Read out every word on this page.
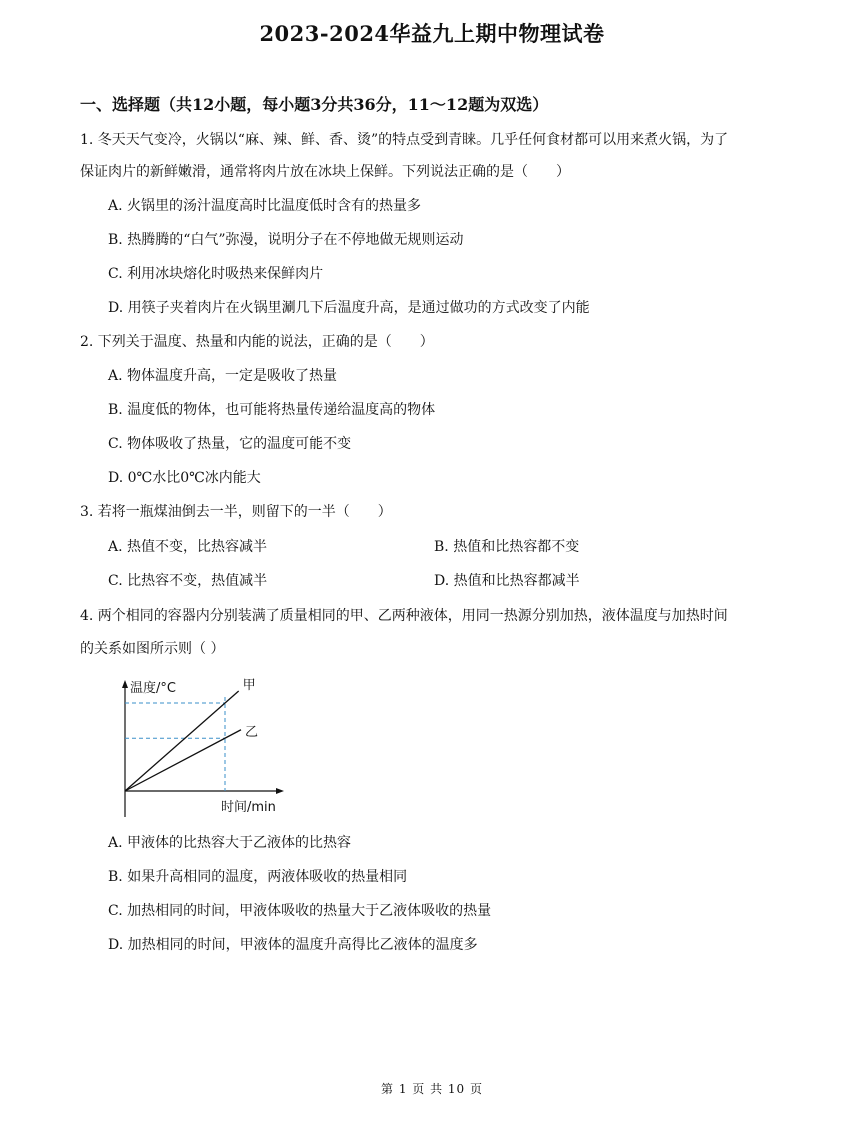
2023-2024华益九上期中物理试卷
一、选择题（共12小题，每小题3分共36分，11～12题为双选）
1. 冬天天气变冷，火锅以“麻、辣、鲜、香、烫”的特点受到青睐。几乎任何食材都可以用来煮火锅，为了
保证肉片的新鲜嫩滑，通常将肉片放在冰块上保鲜。下列说法正确的是（　　）
A. 火锅里的汤汁温度高时比温度低时含有的热量多
B. 热腾腾的“白气”弥漫，说明分子在不停地做无规则运动
C. 利用冰块熔化时吸热来保鲜肉片
D. 用筷子夹着肉片在火锅里涮几下后温度升高，是通过做功的方式改变了内能
2. 下列关于温度、热量和内能的说法，正确的是（　　）
A. 物体温度升高，一定是吸收了热量
B. 温度低的物体，也可能将热量传递给温度高的物体
C. 物体吸收了热量，它的温度可能不变
D. 0℃水比0℃冰内能大
3. 若将一瓶煤油倒去一半，则留下的一半（　　）
A. 热值不变，比热容减半	B. 热值和比热容都不变
C. 比热容不变，热值减半	D. 热值和比热容都减半
4. 两个相同的容器内分别装满了质量相同的甲、乙两种液体，用同一热源分别加热，液体温度与加热时间
的关系如图所示则（ ）
甲
乙
温度/°C
时间/min
A. 甲液体的比热容大于乙液体的比热容
B. 如果升高相同的温度，两液体吸收的热量相同
C. 加热相同的时间，甲液体吸收的热量大于乙液体吸收的热量
D. 加热相同的时间，甲液体的温度升高得比乙液体的温度多
第 1 页 共 10 页
